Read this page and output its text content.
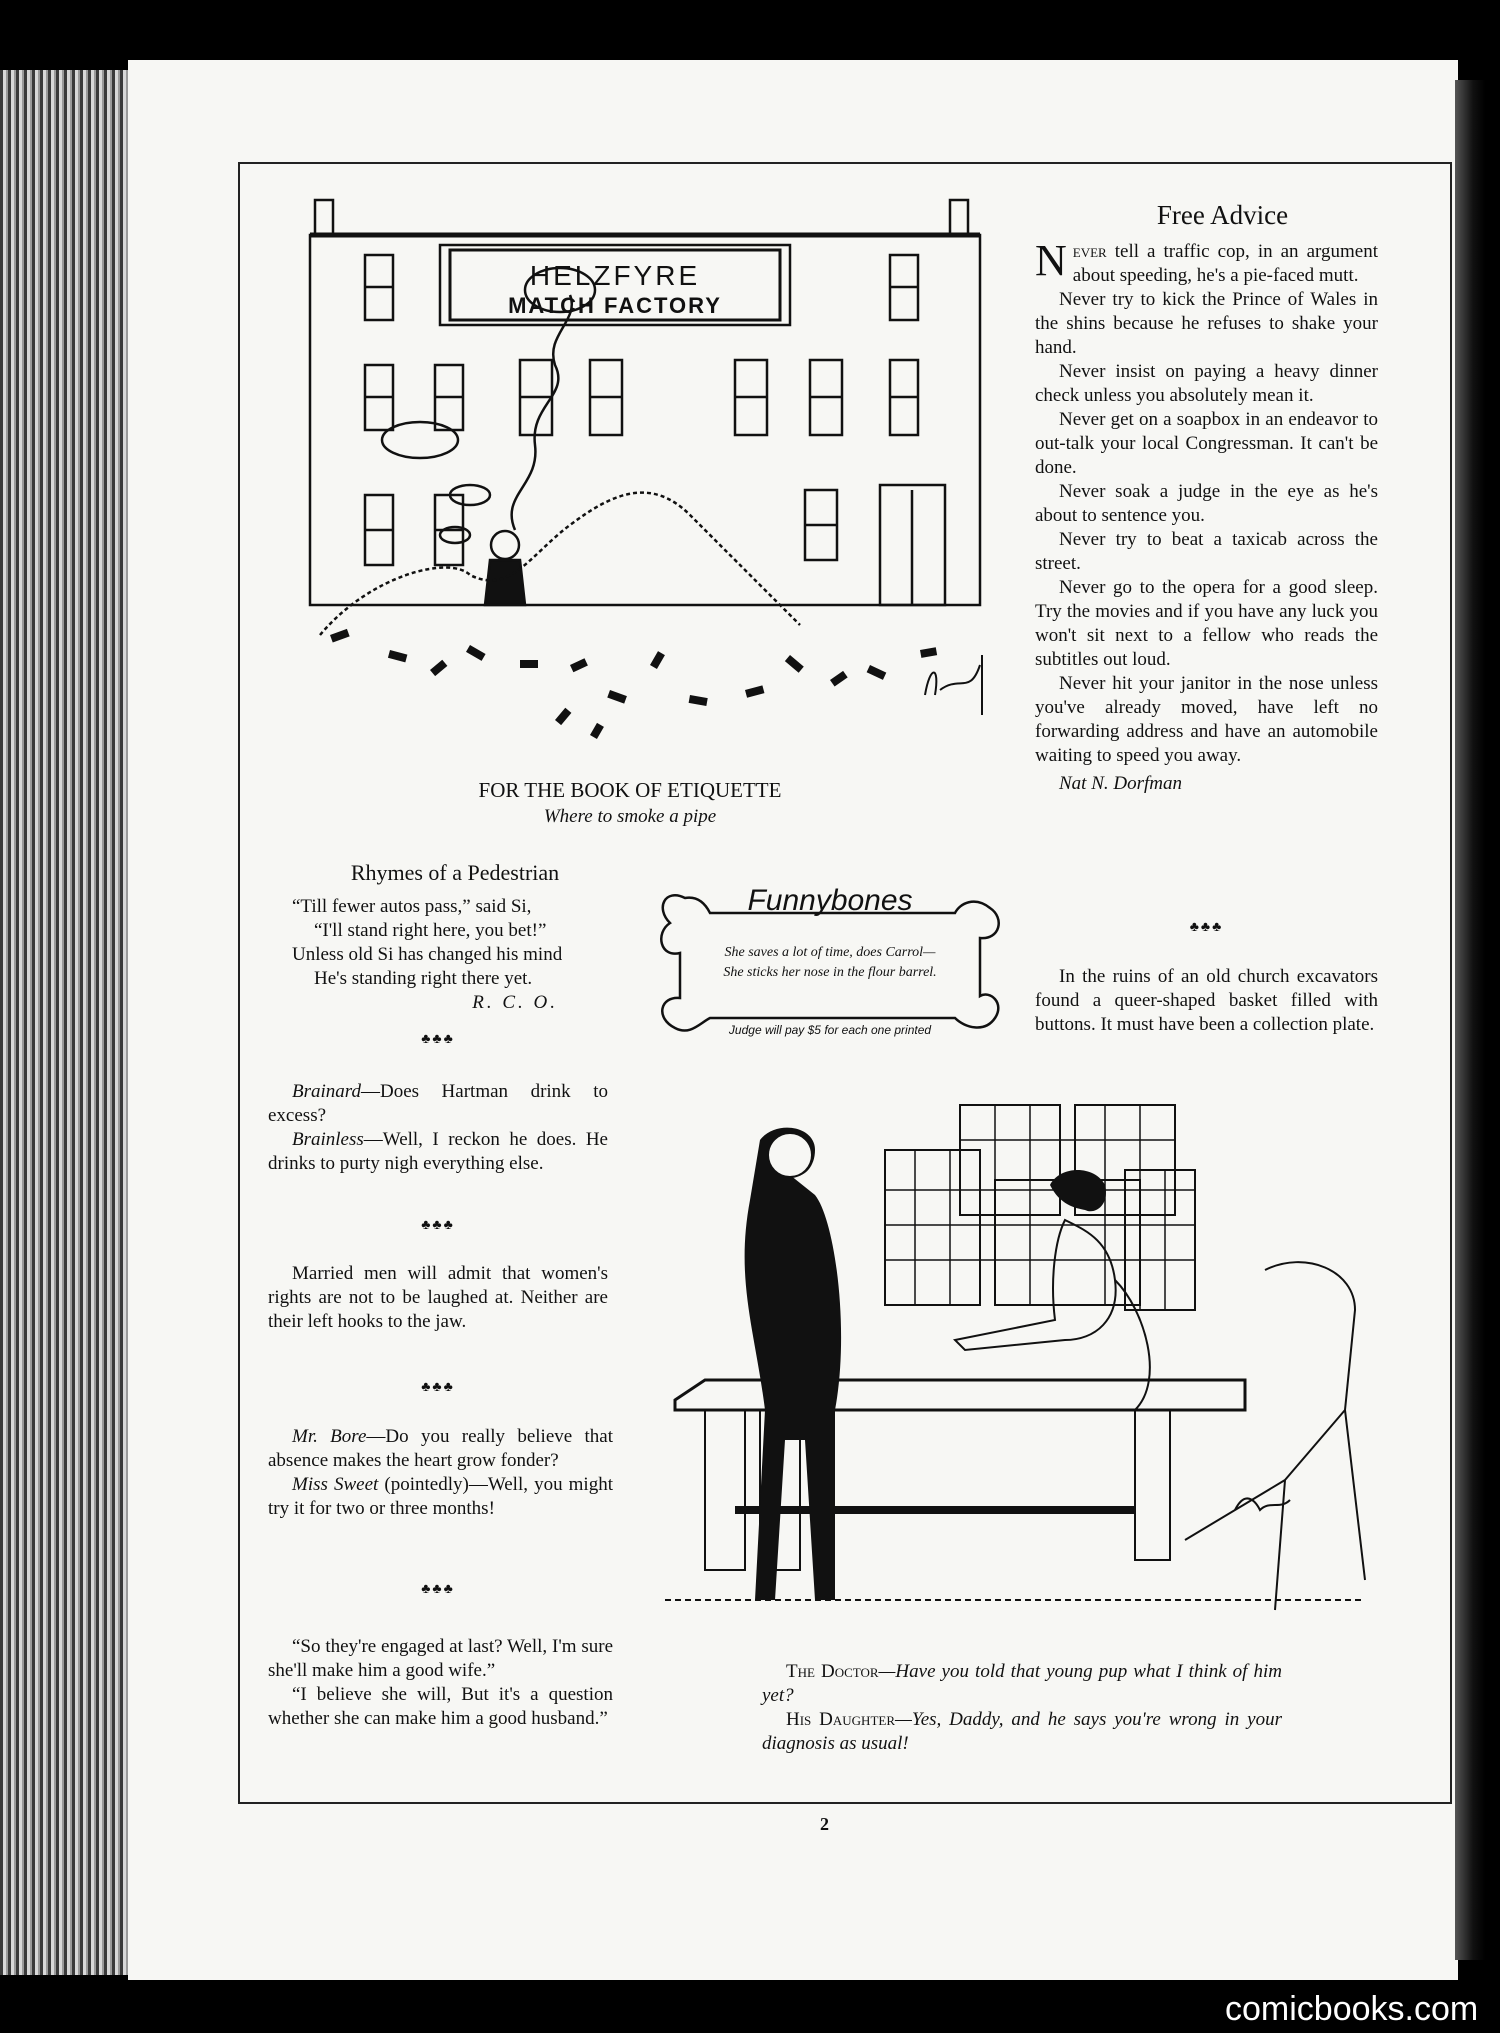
HELZFYRE
MATCH FACTORY
FOR THE BOOK OF ETIQUETTE
Where to smoke a pipe
Free Advice

Never tell a traffic cop, in an argument about speeding, he's a pie-faced mutt.

Never try to kick the Prince of Wales in the shins because he refuses to shake your hand.

Never insist on paying a heavy dinner check unless you absolutely mean it.

Never get on a soapbox in an endeavor to out-talk your local Congressman. It can't be done.

Never soak a judge in the eye as he's about to sentence you.

Never try to beat a taxicab across the street.

Never go to the opera for a good sleep. Try the movies and if you have any luck you won't sit next to a fellow who reads the subtitles out loud.

Never hit your janitor in the nose unless you've already moved, have left no forwarding address and have an automobile waiting to speed you away.

Nat N. Dorfman

♣♣♣

In the ruins of an old church excavators found a queer-shaped basket filled with buttons. It must have been a collection plate.

Rhymes of a Pedestrian

“Till fewer autos pass,” said Si,

“I'll stand right here, you bet!”

Unless old Si has changed his mind

He's standing right there yet.

R. C. O.

♣♣♣
Funnybones
She saves a lot of time, does Carrol—
She sticks her nose in the flour barrel.
Judge will pay $5 for each one printed

Brainard—Does Hartman drink to excess?

Brainless—Well, I reckon he does. He drinks to purty nigh everything else.

♣♣♣

Married men will admit that women's rights are not to be laughed at. Neither are their left hooks to the jaw.

♣♣♣

Mr. Bore—Do you really believe that absence makes the heart grow fonder?

Miss Sweet (pointedly)—Well, you might try it for two or three months!

♣♣♣

“So they're engaged at last? Well, I'm sure she'll make him a good wife.”

“I believe she will, But it's a question whether she can make him a good husband.”

The Doctor—Have you told that young pup what I think of him yet?

His Daughter—Yes, Daddy, and he says you're wrong in your diagnosis as usual!

2
comicbooks.com
